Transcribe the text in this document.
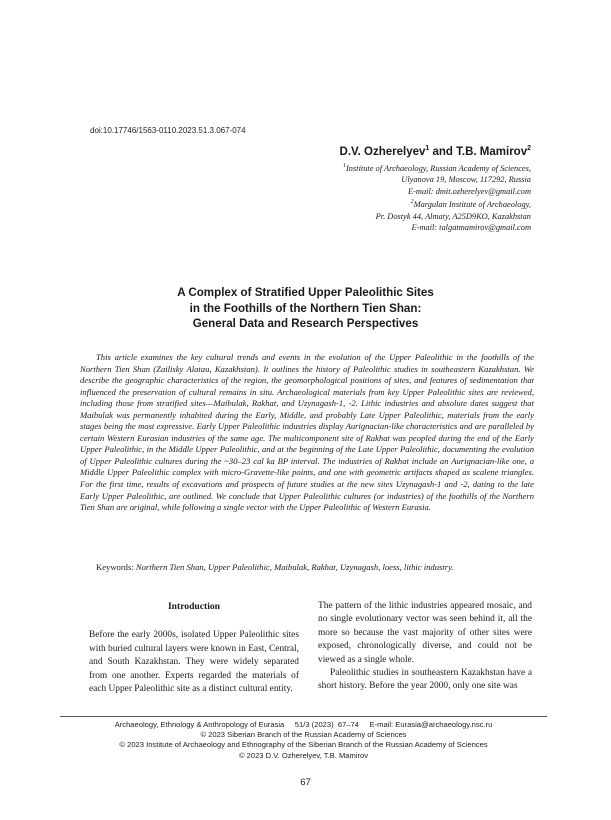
doi:10.17746/1563-0110.2023.51.3.067-074
D.V. Ozherelyev$^1$ and T.B. Mamirov$^2$
$^1$Institute of Archaeology, Russian Academy of Sciences,
Ulyanova 19, Moscow, 117292, Russia
E-mail: dmit.ozherelyev@gmail.com
$^2$Margulan Institute of Archaeology,
Pr. Dostyk 44, Almaty, A25D9KO, Kazakhstan
E-mail: talgatmamirov@gmail.com
A Complex of Stratified Upper Paleolithic Sites
in the Foothills of the Northern Tien Shan:
General Data and Research Perspectives

This article examines the key cultural trends and events in the evolution of the Upper Paleolithic in the foothills of the Northern Tien Shan (Zailisky Alatau, Kazakhstan). It outlines the history of Paleolithic studies in southeastern Kazakhstan. We describe the geographic characteristics of the region, the geomorphological positions of sites, and features of sedimentation that influenced the preservation of cultural remains in situ. Archaeological materials from key Upper Paleolithic sites are reviewed, including those from stratified sites—Maibulak, Rakhat, and Uzynagash-1, -2. Lithic industries and absolute dates suggest that Maibulak was permanently inhabited during the Early, Middle, and probably Late Upper Paleolithic, materials from the early stages being the most expressive. Early Upper Paleolithic industries display Aurignacian-like characteristics and are paralleled by certain Western Eurasian industries of the same age. The multicomponent site of Rakhat was peopled during the end of the Early Upper Paleolithic, in the Middle Upper Paleolithic, and at the beginning of the Late Upper Paleolithic, documenting the evolution of Upper Paleolithic cultures during the ~30–23 cal ka BP interval. The industries of Rakhat include an Aurignacian-like one, a Middle Upper Paleolithic complex with micro-Gravette-like points, and one with geometric artifacts shaped as scalene triangles. For the first time, results of excavations and prospects of future studies at the new sites Uzynagash-1 and -2, dating to the late Early Upper Paleolithic, are outlined. We conclude that Upper Paleolithic cultures (or industries) of the foothills of the Northern Tien Shan are original, while following a single vector with the Upper Paleolithic of Western Eurasia.

Keywords: Northern Tien Shan, Upper Paleolithic, Maibulak, Rakhat, Uzynagash, loess, lithic industry.

Introduction

Before the early 2000s, isolated Upper Paleolithic sites with buried cultural layers were known in East, Central, and South Kazakhstan. They were widely separated from one another. Experts regarded the materials of each Upper Paleolithic site as a distinct cultural entity.

The pattern of the lithic industries appeared mosaic, and no single evolutionary vector was seen behind it, all the more so because the vast majority of other sites were exposed, chronologically diverse, and could not be viewed as a single whole.

Paleolithic studies in southeastern Kazakhstan have a short history. Before the year 2000, only one site was

Archaeology, Ethnology & Anthropology of Eurasia     51/3 (2023)  67–74     E-mail: Eurasia@archaeology.nsc.ru
© 2023 Siberian Branch of the Russian Academy of Sciences
© 2023 Institute of Archaeology and Ethnography of the Siberian Branch of the Russian Academy of Sciences
© 2023 D.V. Ozherelyev, T.B. Mamirov
67
